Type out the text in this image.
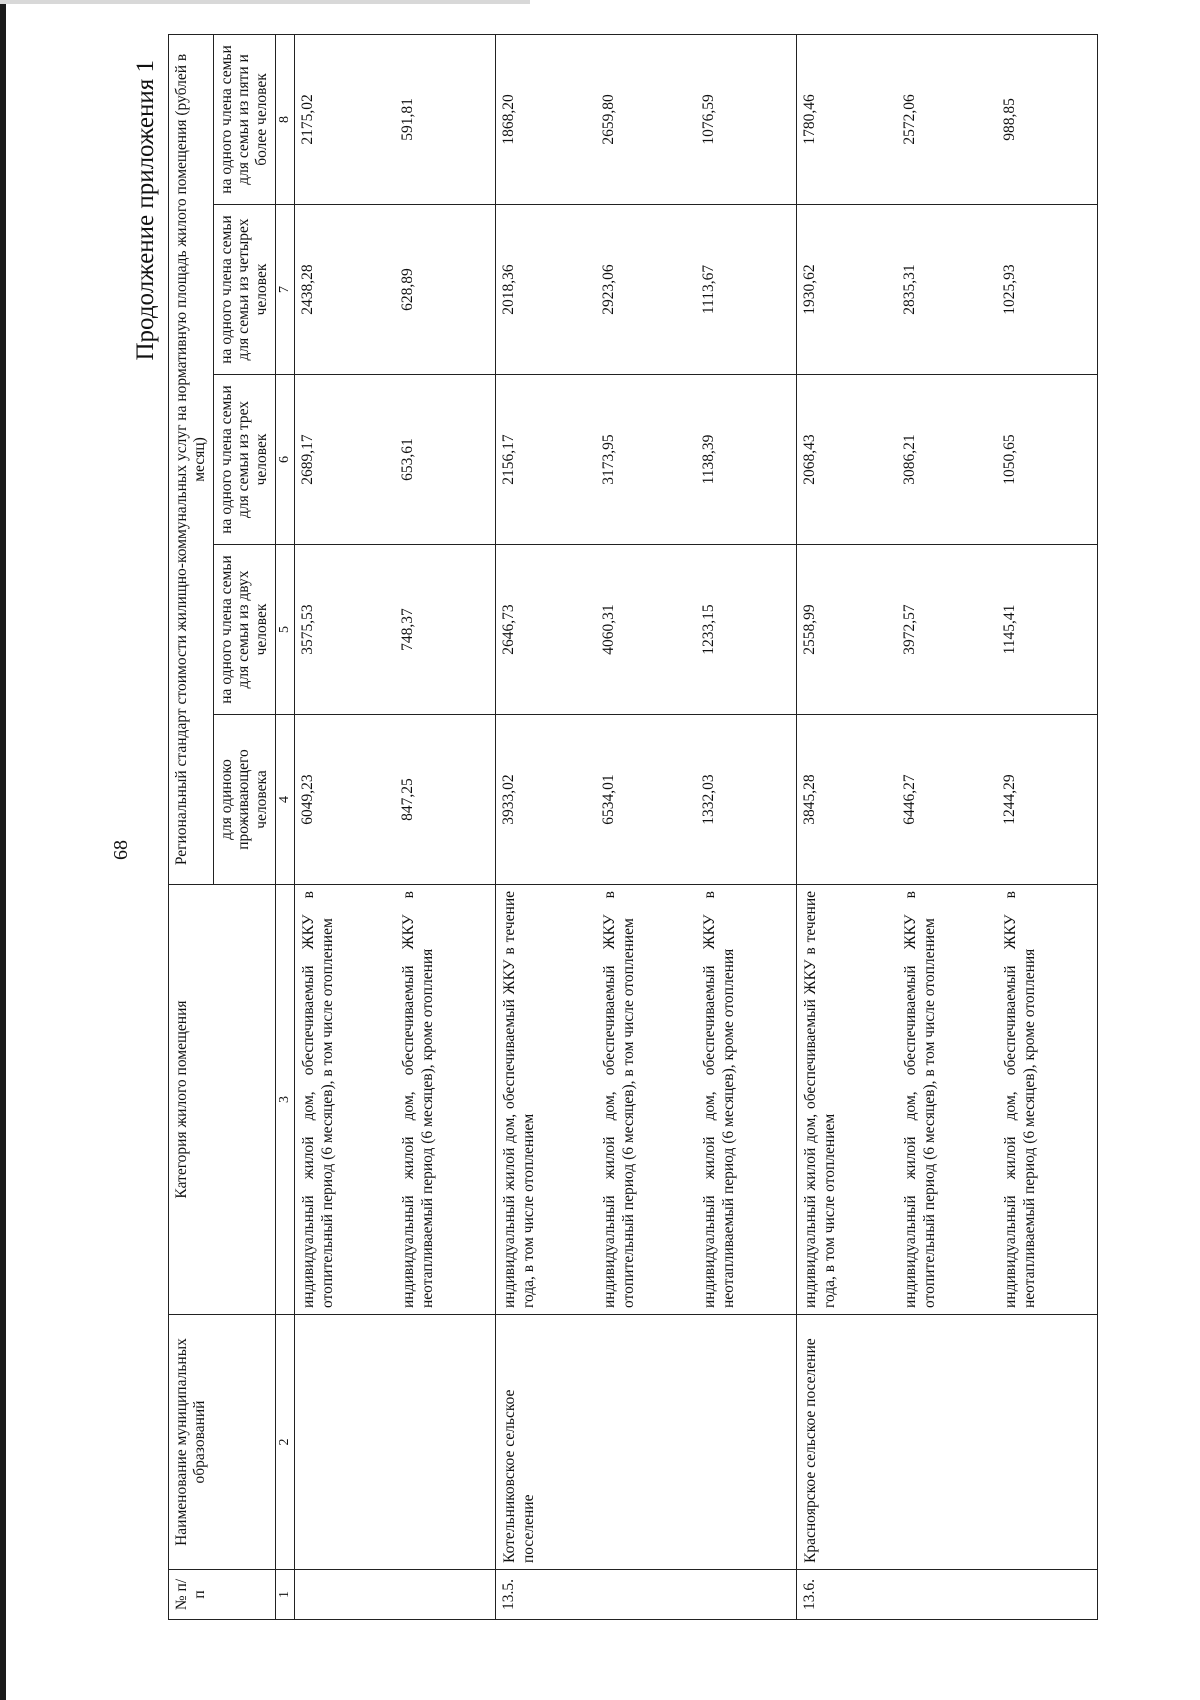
68
Продолжение приложения 1
№ п/п	Наименование муниципальных образований	Категория жилого помещения	Региональный стандарт стоимости жилищно-коммунальных услуг на нормативную площадь жилого помещения (рублей в месяц)				
			для одиноко проживающего человека	на одного члена семьи для семьи из двух человек	на одного члена семьи для семьи из трех человек	на одного члена семьи для семьи из четырех человек	на одного члена семьи для семьи из пяти и более человек
1	2	3	4	5	6	7	8
		индивидуальный жилой дом, обеспечиваемый ЖКУ в отопительный период (6 месяцев), в том числе отоплением	6049,23	3575,53	2689,17	2438,28	2175,02
		индивидуальный жилой дом, обеспечиваемый ЖКУ в неотапливаемый период (6 месяцев), кроме отопления	847,25	748,37	653,61	628,89	591,81
13.5.	Котельниковское сельское поселение	индивидуальный жилой дом, обеспечиваемый ЖКУ в течение года, в том числе отоплением	3933,02	2646,73	2156,17	2018,36	1868,20
		индивидуальный жилой дом, обеспечиваемый ЖКУ в отопительный период (6 месяцев), в том числе отоплением	6534,01	4060,31	3173,95	2923,06	2659,80
		индивидуальный жилой дом, обеспечиваемый ЖКУ в неотапливаемый период (6 месяцев), кроме отопления	1332,03	1233,15	1138,39	1113,67	1076,59
13.6.	Краснoярское сельское поселение	индивидуальный жилой дом, обеспечиваемый ЖКУ в течение года, в том числе отоплением	3845,28	2558,99	2068,43	1930,62	1780,46
		индивидуальный жилой дом, обеспечиваемый ЖКУ в отопительный период (6 месяцев), в том числе отоплением	6446,27	3972,57	3086,21	2835,31	2572,06
		индивидуальный жилой дом, обеспечиваемый ЖКУ в неотапливаемый период (6 месяцев), кроме отопления	1244,29	1145,41	1050,65	1025,93	988,85
